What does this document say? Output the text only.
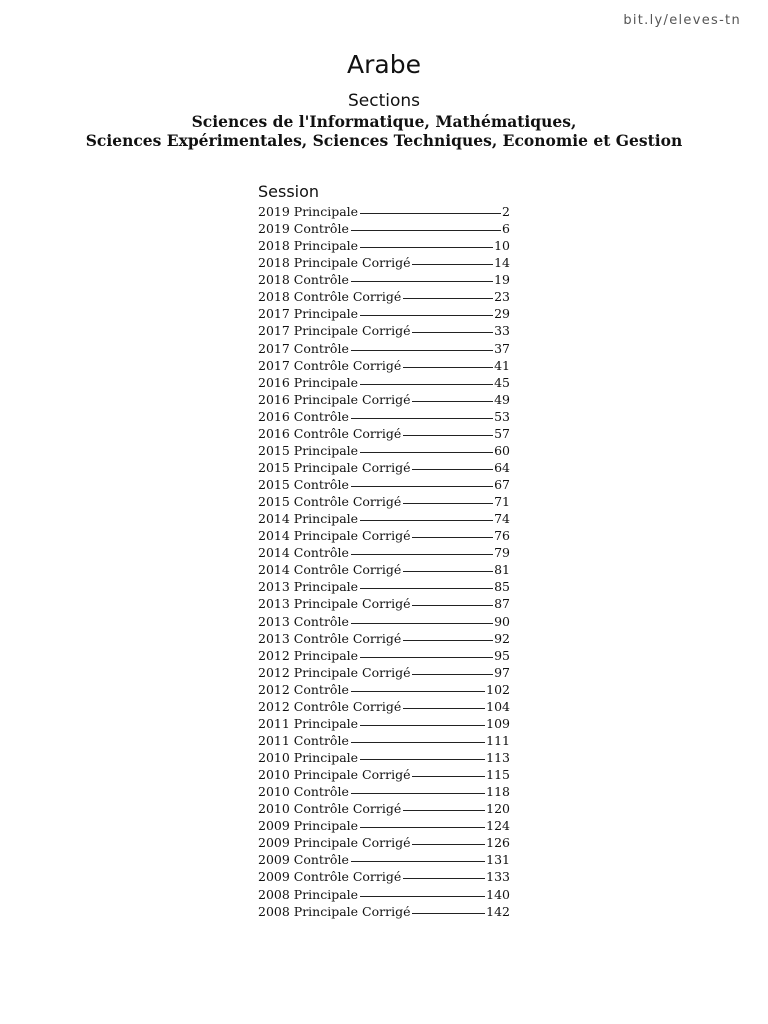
bit.ly/eleves-tn
Arabe

Sections

Sciences de l'Informatique, Mathématiques,

Sciences Expérimentales, Sciences Techniques, Economie et Gestion

Session

2019 Principale	2
2019 Contrôle	6
2018 Principale	10
2018 Principale Corrigé	14
2018 Contrôle	19
2018 Contrôle Corrigé	23
2017 Principale	29
2017 Principale Corrigé	33
2017 Contrôle	37
2017 Contrôle Corrigé	41
2016 Principale	45
2016 Principale Corrigé	49
2016 Contrôle	53
2016 Contrôle Corrigé	57
2015 Principale	60
2015 Principale Corrigé	64
2015 Contrôle	67
2015 Contrôle Corrigé	71
2014 Principale	74
2014 Principale Corrigé	76
2014 Contrôle	79
2014 Contrôle Corrigé	81
2013 Principale	85
2013 Principale Corrigé	87
2013 Contrôle	90
2013 Contrôle Corrigé	92
2012 Principale	95
2012 Principale Corrigé	97
2012 Contrôle	102
2012 Contrôle Corrigé	104
2011 Principale	109
2011 Contrôle	111
2010 Principale	113
2010 Principale Corrigé	115
2010 Contrôle	118
2010 Contrôle Corrigé	120
2009 Principale	124
2009 Principale Corrigé	126
2009 Contrôle	131
2009 Contrôle Corrigé	133
2008 Principale	140
2008 Principale Corrigé	142
